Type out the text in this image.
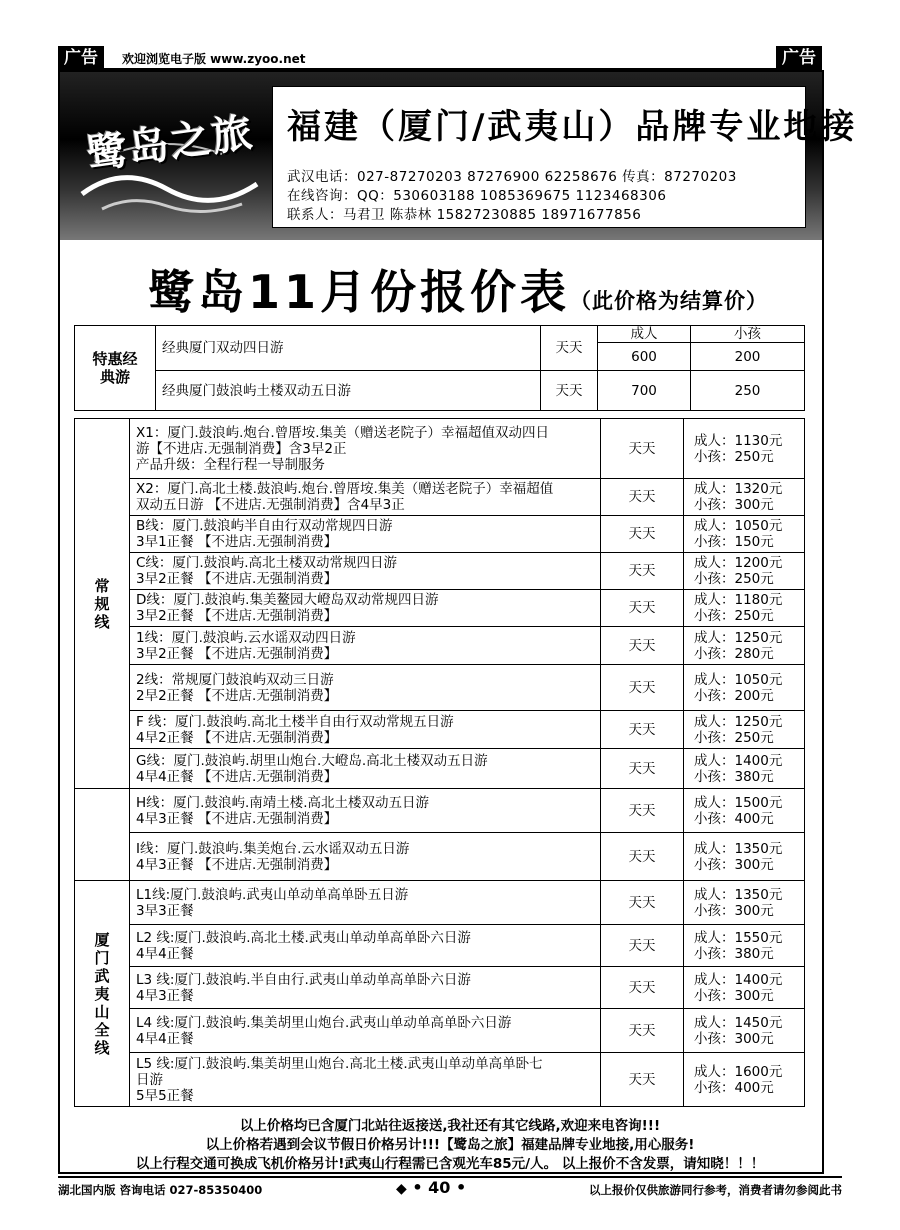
广告	欢迎浏览电子版 www.zyoo.net	广告
鹭岛之旅 福建（厦门/武夷山）品牌专业地接
武汉电话：027-87270203 87276900 62258676 传真：87270203
在线咨询：QQ：530603188 1085369675 1123468306
联系人：马君卫 陈恭林 15827230885 18971677856
鹭岛11月份报价表（此价格为结算价）
特惠经典游	经典厦门双动四日游	天天	成人	小孩
			600	200
	经典厦门鼓浪屿土楼双动五日游	天天	700	250
常规线	X1：厦门.鼓浪屿.炮台.曾厝垵.集美（赠送老院子）幸福超值双动四日
游【不进店.无强制消费】含3早2正
产品升级：全程行程一导制服务	天天	成人：1130元
小孩：250元
	X2：厦门.高北土楼.鼓浪屿.炮台.曾厝垵.集美（赠送老院子）幸福超值
双动五日游 【不进店.无强制消费】含4早3正	天天	成人：1320元
小孩：300元
	B线：厦门.鼓浪屿半自由行双动常规四日游
3早1正餐 【不进店.无强制消费】	天天	成人：1050元
小孩：150元
	C线：厦门.鼓浪屿.高北土楼双动常规四日游
3早2正餐 【不进店.无强制消费】	天天	成人：1200元
小孩：250元
	D线：厦门.鼓浪屿.集美鳌园大嶝岛双动常规四日游
3早2正餐 【不进店.无强制消费】	天天	成人：1180元
小孩：250元
	1线：厦门.鼓浪屿.云水谣双动四日游
3早2正餐 【不进店.无强制消费】	天天	成人：1250元
小孩：280元
	2线：常规厦门鼓浪屿双动三日游
2早2正餐 【不进店.无强制消费】	天天	成人：1050元
小孩：200元
	F 线：厦门.鼓浪屿.高北土楼半自由行双动常规五日游
4早2正餐 【不进店.无强制消费】	天天	成人：1250元
小孩：250元
	G线：厦门.鼓浪屿.胡里山炮台.大嶝岛.高北土楼双动五日游
4早4正餐 【不进店.无强制消费】	天天	成人：1400元
小孩：380元
	H线：厦门.鼓浪屿.南靖土楼.高北土楼双动五日游
4早3正餐 【不进店.无强制消费】	天天	成人：1500元
小孩：400元
	I线：厦门.鼓浪屿.集美炮台.云水谣双动五日游
4早3正餐 【不进店.无强制消费】	天天	成人：1350元
小孩：300元
厦门武夷山全线	L1线:厦门.鼓浪屿.武夷山单动单高单卧五日游
3早3正餐	天天	成人：1350元
小孩：300元
	L2 线:厦门.鼓浪屿.高北土楼.武夷山单动单高单卧六日游
4早4正餐	天天	成人：1550元
小孩：380元
	L3 线:厦门.鼓浪屿.半自由行.武夷山单动单高单卧六日游
4早3正餐	天天	成人：1400元
小孩：300元
	L4 线:厦门.鼓浪屿.集美胡里山炮台.武夷山单动单高单卧六日游
4早4正餐	天天	成人：1450元
小孩：300元
	L5 线:厦门.鼓浪屿.集美胡里山炮台.高北土楼.武夷山单动单高单卧七
日游
5早5正餐	天天	成人：1600元
小孩：400元
以上价格均已含厦门北站往返接送,我社还有其它线路,欢迎来电咨询!!!
以上价格若遇到会议节假日价格另计!!!【鹭岛之旅】福建品牌专业地接,用心服务!
以上行程交通可换成飞机价格另计!武夷山行程需已含观光车85元/人。 以上报价不含发票，请知晓！！！
湖北国内版 咨询电话 027-85350400	◆ • 40 •	以上报价仅供旅游同行参考，消费者请勿参阅此书
